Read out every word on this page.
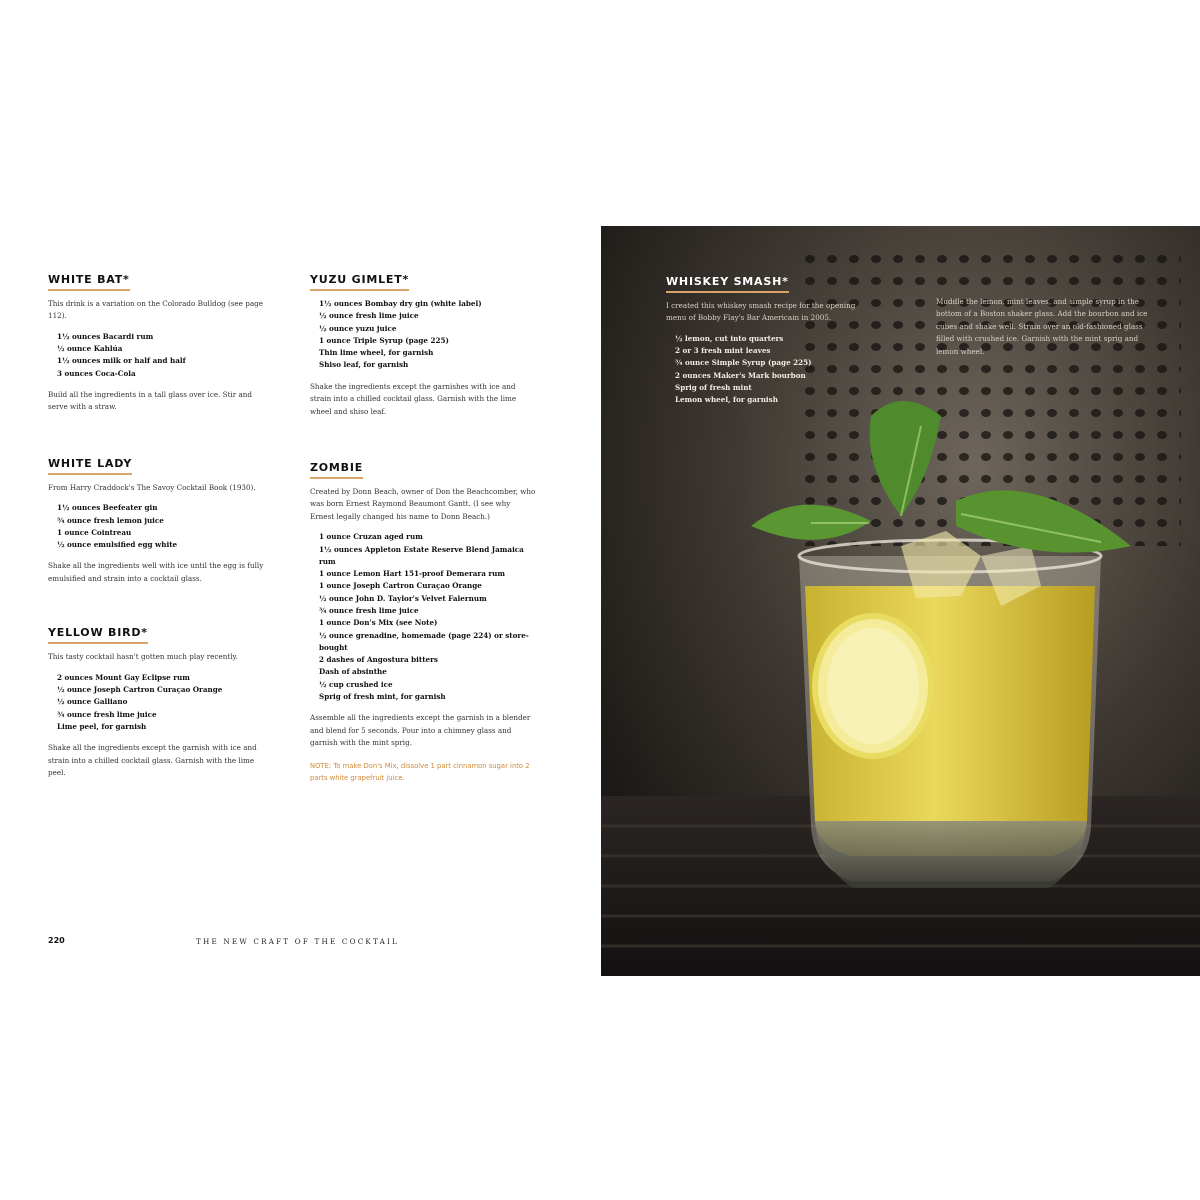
WHITE BAT*

This drink is a variation on the Colorado Bulldog (see page 112).

1½ ounces Bacardi rum
½ ounce Kahlúa
1½ ounces milk or half and half
3 ounces Coca-Cola

Build all the ingredients in a tall glass over ice. Stir and serve with a straw.

WHITE LADY

From Harry Craddock's The Savoy Cocktail Book (1930).

1½ ounces Beefeater gin
¾ ounce fresh lemon juice
1 ounce Cointreau
½ ounce emulsified egg white

Shake all the ingredients well with ice until the egg is fully emulsified and strain into a cocktail glass.

YELLOW BIRD*

This tasty cocktail hasn't gotten much play recently.

2 ounces Mount Gay Eclipse rum
½ ounce Joseph Cartron Curaçao Orange
½ ounce Galliano
¾ ounce fresh lime juice
Lime peel, for garnish

Shake all the ingredients except the garnish with ice and strain into a chilled cocktail glass. Garnish with the lime peel.

YUZU GIMLET*
1½ ounces Bombay dry gin (white label)
½ ounce fresh lime juice
½ ounce yuzu juice
1 ounce Triple Syrup (page 225)
Thin lime wheel, for garnish
Shiso leaf, for garnish

Shake the ingredients except the garnishes with ice and strain into a chilled cocktail glass. Garnish with the lime wheel and shiso leaf.

ZOMBIE

Created by Donn Beach, owner of Don the Beachcomber, who was born Ernest Raymond Beaumont Gantt. (I see why Ernest legally changed his name to Donn Beach.)

1 ounce Cruzan aged rum
1½ ounces Appleton Estate Reserve Blend Jamaica rum
1 ounce Lemon Hart 151-proof Demerara rum
1 ounce Joseph Cartron Curaçao Orange
½ ounce John D. Taylor's Velvet Falernum
¾ ounce fresh lime juice
1 ounce Don's Mix (see Note)
½ ounce grenadine, homemade (page 224) or store-bought
2 dashes of Angostura bitters
Dash of absinthe
½ cup crushed ice
Sprig of fresh mint, for garnish

Assemble all the ingredients except the garnish in a blender and blend for 5 seconds. Pour into a chimney glass and garnish with the mint sprig.

NOTE: To make Don's Mix, dissolve 1 part cinnamon sugar into 2 parts white grapefruit juice.

220	THE NEW CRAFT OF THE COCKTAIL
WHISKEY SMASH*

I created this whiskey smash recipe for the opening menu of Bobby Flay's Bar Americain in 2005.

½ lemon, cut into quarters
2 or 3 fresh mint leaves
¾ ounce Simple Syrup (page 225)
2 ounces Maker's Mark bourbon
Sprig of fresh mint
Lemon wheel, for garnish

Muddle the lemon, mint leaves, and simple syrup in the bottom of a Boston shaker glass. Add the bourbon and ice cubes and shake well. Strain over an old-fashioned glass filled with crushed ice. Garnish with the mint sprig and lemon wheel.
